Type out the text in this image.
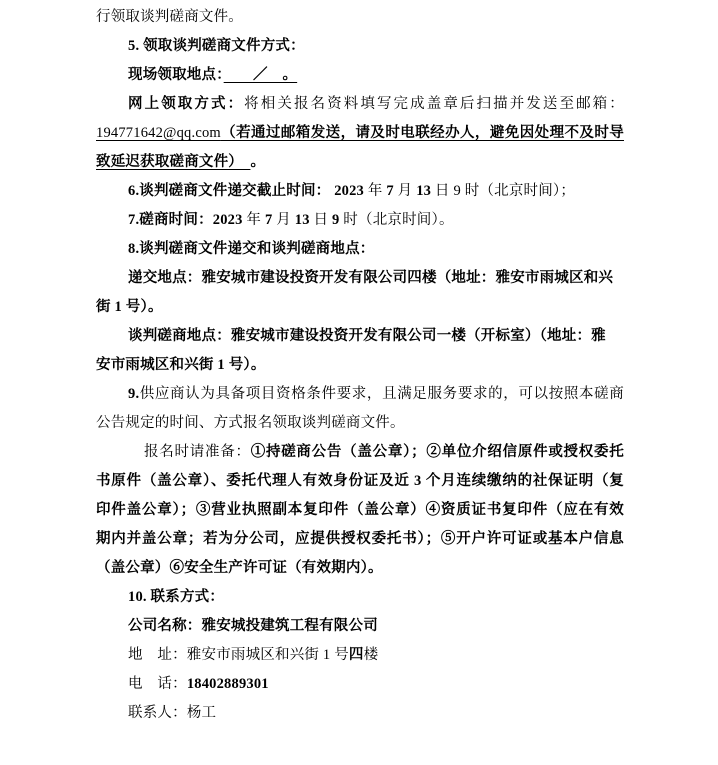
行领取谈判磋商文件。

5. 领取谈判磋商文件方式：

现场领取地点：　　／　。

网上领取方式：将相关报名资料填写完成盖章后扫描并发送至邮箱：

194771642@qq.com（若通过邮箱发送，请及时电联经办人，避免因处理不及时导

致延迟获取磋商文件）　。

6.谈判磋商文件递交截止时间： 2023 年 7 月 13 日 9 时（北京时间）；

7.磋商时间：2023 年 7 月 13 日 9 时（北京时间）。

8.谈判磋商文件递交和谈判磋商地点：

递交地点：雅安城市建设投资开发有限公司四楼（地址：雅安市雨城区和兴

街 1 号）。

谈判磋商地点：雅安城市建设投资开发有限公司一楼（开标室）（地址：雅

安市雨城区和兴街 1 号）。

9.供应商认为具备项目资格条件要求，且满足服务要求的，可以按照本磋商

公告规定的时间、方式报名领取谈判磋商文件。

报名时请准备：①持磋商公告（盖公章）；②单位介绍信原件或授权委托

书原件（盖公章）、委托代理人有效身份证及近 3 个月连续缴纳的社保证明（复

印件盖公章）；③营业执照副本复印件（盖公章）④资质证书复印件（应在有效

期内并盖公章；若为分公司，应提供授权委托书）；⑤开户许可证或基本户信息

（盖公章）⑥安全生产许可证（有效期内）。

10. 联系方式：

公司名称：雅安城投建筑工程有限公司

地　址：雅安市雨城区和兴街 1 号四楼

电　话：18402889301

联系人：杨工
